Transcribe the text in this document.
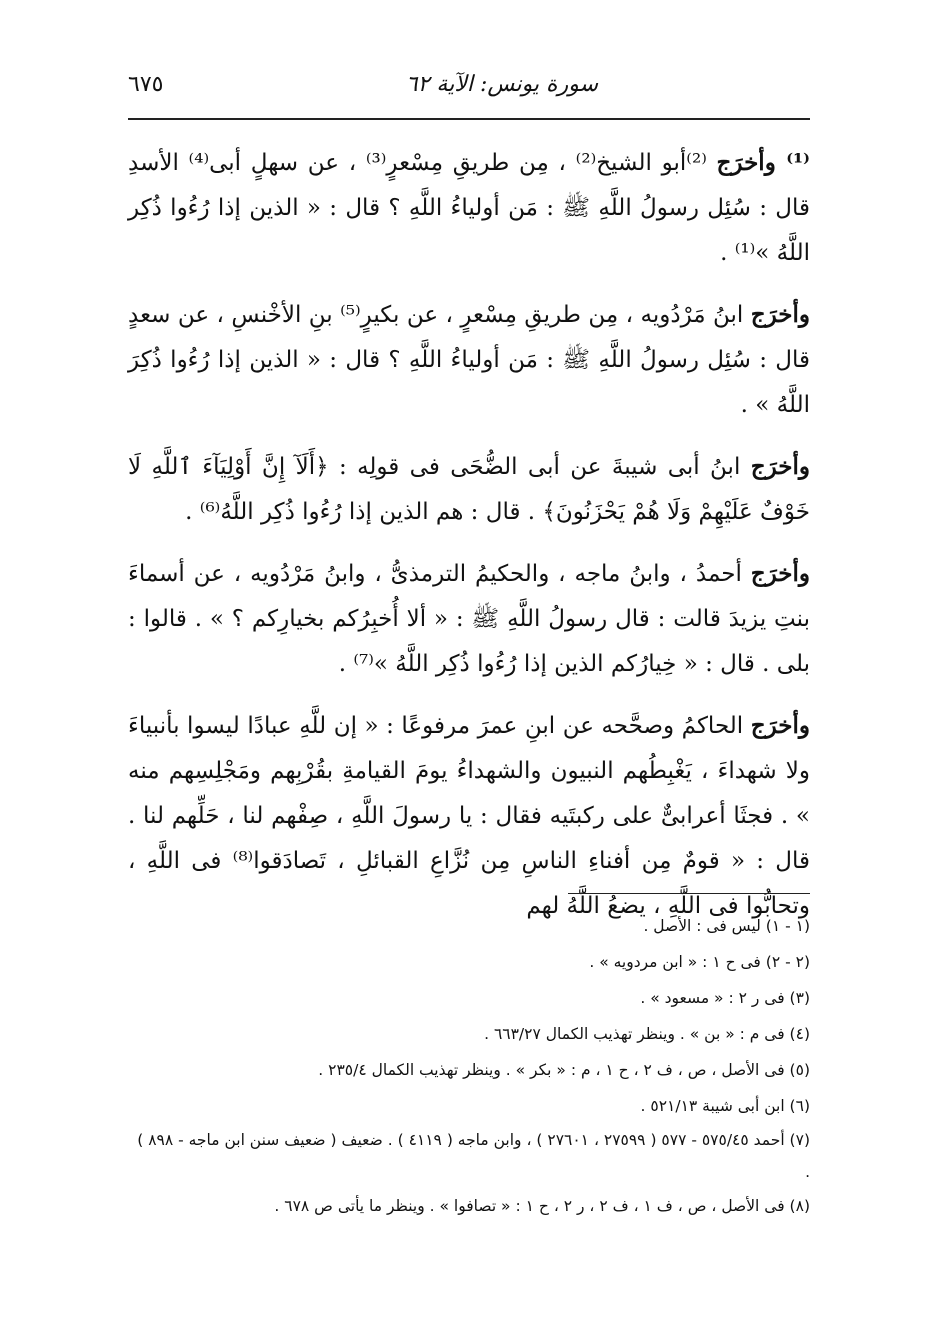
سورة يونس: الآية ٦٢
٦٧٥

⁽¹⁾ وأخرَج ⁽²⁾أبو الشيخ⁽²⁾ ، مِن طريقِ مِسْعرٍ⁽³⁾ ، عن سهلٍ أبى⁽⁴⁾ الأسدِ قال : سُئِل رسولُ اللَّهِ ﷺ : مَن أولياءُ اللَّهِ ؟ قال : « الذين إذا رُءُوا ذُكِر اللَّهُ »⁽¹⁾ .

وأخرَج ابنُ مَرْدُويه ، مِن طريقِ مِسْعرٍ ، عن بكيرٍ⁽⁵⁾ بنِ الأخْنسِ ، عن سعدٍ قال : سُئِل رسولُ اللَّهِ ﷺ : مَن أولياءُ اللَّهِ ؟ قال : « الذين إذا رُءُوا ذُكِرَ اللَّهُ » .

وأخرَج ابنُ أبى شيبةَ عن أبى الضُّحَى فى قولِه : ﴿أَلَآ إِنَّ أَوْلِيَآءَ ٱللَّهِ لَا خَوْفٌ عَلَيْهِمْ وَلَا هُمْ يَحْزَنُونَ﴾ . قال : هم الذين إذا رُءُوا ذُكِر اللَّهُ⁽⁶⁾ .

وأخرَج أحمدُ ، وابنُ ماجه ، والحكيمُ الترمذىُّ ، وابنُ مَرْدُويه ، عن أسماءَ بنتِ يزيدَ قالت : قال رسولُ اللَّهِ ﷺ : « ألا أُخبِرُكم بخيارِكم ؟ » . قالوا : بلى . قال : « خِيارُكم الذين إذا رُءُوا ذُكِر اللَّهُ »⁽⁷⁾ .

وأخرَج الحاكمُ وصحَّحه عن ابنِ عمرَ مرفوعًا : « إن للَّهِ عبادًا ليسوا بأنبياءَ ولا شهداءَ ، يَغْبِطُهم النبيون والشهداءُ يومَ القيامةِ بقُرْبِهم ومَجْلِسِهم منه » . فجثَا أعرابىٌّ على ركبتَيه فقال : يا رسولَ اللَّهِ ، صِفْهم لنا ، حَلِّهم لنا . قال : « قومٌ مِن أفناءِ الناسِ مِن نُزَّاعِ القبائلِ ، تَصادَقوا⁽⁸⁾ فى اللَّهِ ، وتحابُّوا فى اللَّهِ ، يضعُ اللَّهُ لهم

(١ - ١) ليس فى : الأصل .

(٢ - ٢) فى ح ١ : « ابن مردويه » .

(٣) فى ر ٢ : « مسعود » .

(٤) فى م : « بن » . وينظر تهذيب الكمال ٦٦٣/٢٧ .

(٥) فى الأصل ، ص ، ف ٢ ، ح ١ ، م : « بكر » . وينظر تهذيب الكمال ٢٣٥/٤ .

(٦) ابن أبى شيبة ٥٢١/١٣ .

(٧) أحمد ٥٧٥/٤٥ - ٥٧٧ ( ٢٧٥٩٩ ، ٢٧٦٠١ ) ، وابن ماجه ( ٤١١٩ ) . ضعيف ( ضعيف سنن ابن ماجه - ٨٩٨ ) .

(٨) فى الأصل ، ص ، ف ١ ، ف ٢ ، ر ٢ ، ح ١ : « تصافوا » . وينظر ما يأتى ص ٦٧٨ .
